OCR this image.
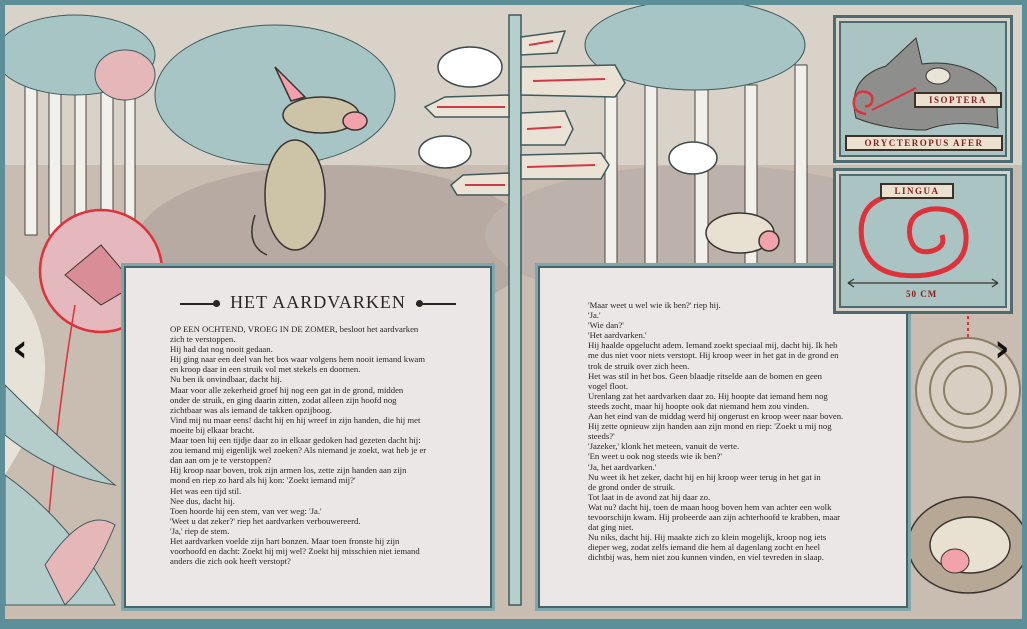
HET AARDVARKEN
OP EEN OCHTEND, VROEG IN DE ZOMER, besloot het aardvarken
zich te verstoppen.
Hij had dat nog nooit gedaan.
Hij ging naar een deel van het bos waar volgens hem nooit iemand kwam
en kroop daar in een struik vol met stekels en doornen.
Nu ben ik onvindbaar, dacht hij.
Maar voor alle zekerheid groef hij nog een gat in de grond, midden
onder de struik, en ging daarin zitten, zodat alleen zijn hoofd nog
zichtbaar was als iemand de takken opzijboog.
Vind mij nu maar eens! dacht hij en hij wreef in zijn handen, die hij met
moeite bij elkaar bracht.
Maar toen hij een tijdje daar zo in elkaar gedoken had gezeten dacht hij:
zou iemand mij eigenlijk wel zoeken? Als niemand je zoekt, wat heb je er
dan aan om je te verstoppen?
Hij kroop naar boven, trok zijn armen los, zette zijn handen aan zijn
mond en riep zo hard als hij kon: 'Zoekt iemand mij?'
Het was een tijd stil.
Nee dus, dacht hij.
Toen hoorde hij een stem, van ver weg: 'Ja.'
'Weet u dat zeker?' riep het aardvarken verbouwereerd.
'Ja,' riep de stem.
Het aardvarken voelde zijn hart bonzen. Maar toen fronste hij zijn
voorhoofd en dacht: Zoekt hij mij wel? Zoekt hij misschien niet iemand
anders die zich ook heeft verstopt?
'Maar weet u wel wie ik ben?' riep hij.
'Ja.'
'Wie dan?'
'Het aardvarken.'
Hij haalde opgelucht adem. Iemand zoekt speciaal mij, dacht hij. Ik heb
me dus niet voor niets verstopt. Hij kroop weer in het gat in de grond en
trok de struik over zich heen.
Het was stil in het bos. Geen blaadje ritselde aan de bomen en geen
vogel floot.
Urenlang zat het aardvarken daar zo. Hij hoopte dat iemand hem nog
steeds zocht, maar hij hoopte ook dat niemand hem zou vinden.
Aan het eind van de middag werd hij ongerust en kroop weer naar boven.
Hij zette opnieuw zijn handen aan zijn mond en riep: 'Zoekt u mij nog
steeds?'
'Jazeker,' klonk het meteen, vanuit de verte.
'En weet u ook nog steeds wie ik ben?'
'Ja, het aardvarken.'
Nu weet ik het zeker, dacht hij en hij kroop weer terug in het gat in
de grond onder de struik.
Tot laat in de avond zat hij daar zo.
Wat nu? dacht hij, toen de maan hoog boven hem van achter een wolk
tevoorschijn kwam. Hij probeerde aan zijn achterhoofd te krabben, maar
dat ging niet.
Nu niks, dacht hij. Hij maakte zich zo klein mogelijk, kroop nog iets
dieper weg, zodat zelfs iemand die hem al dagenlang zocht en heel
dichtbij was, hem niet zou kunnen vinden, en viel tevreden in slaap.
ISOPTERA
ORYCTEROPUS AFER
LINGUA
50 CM
‹	›
